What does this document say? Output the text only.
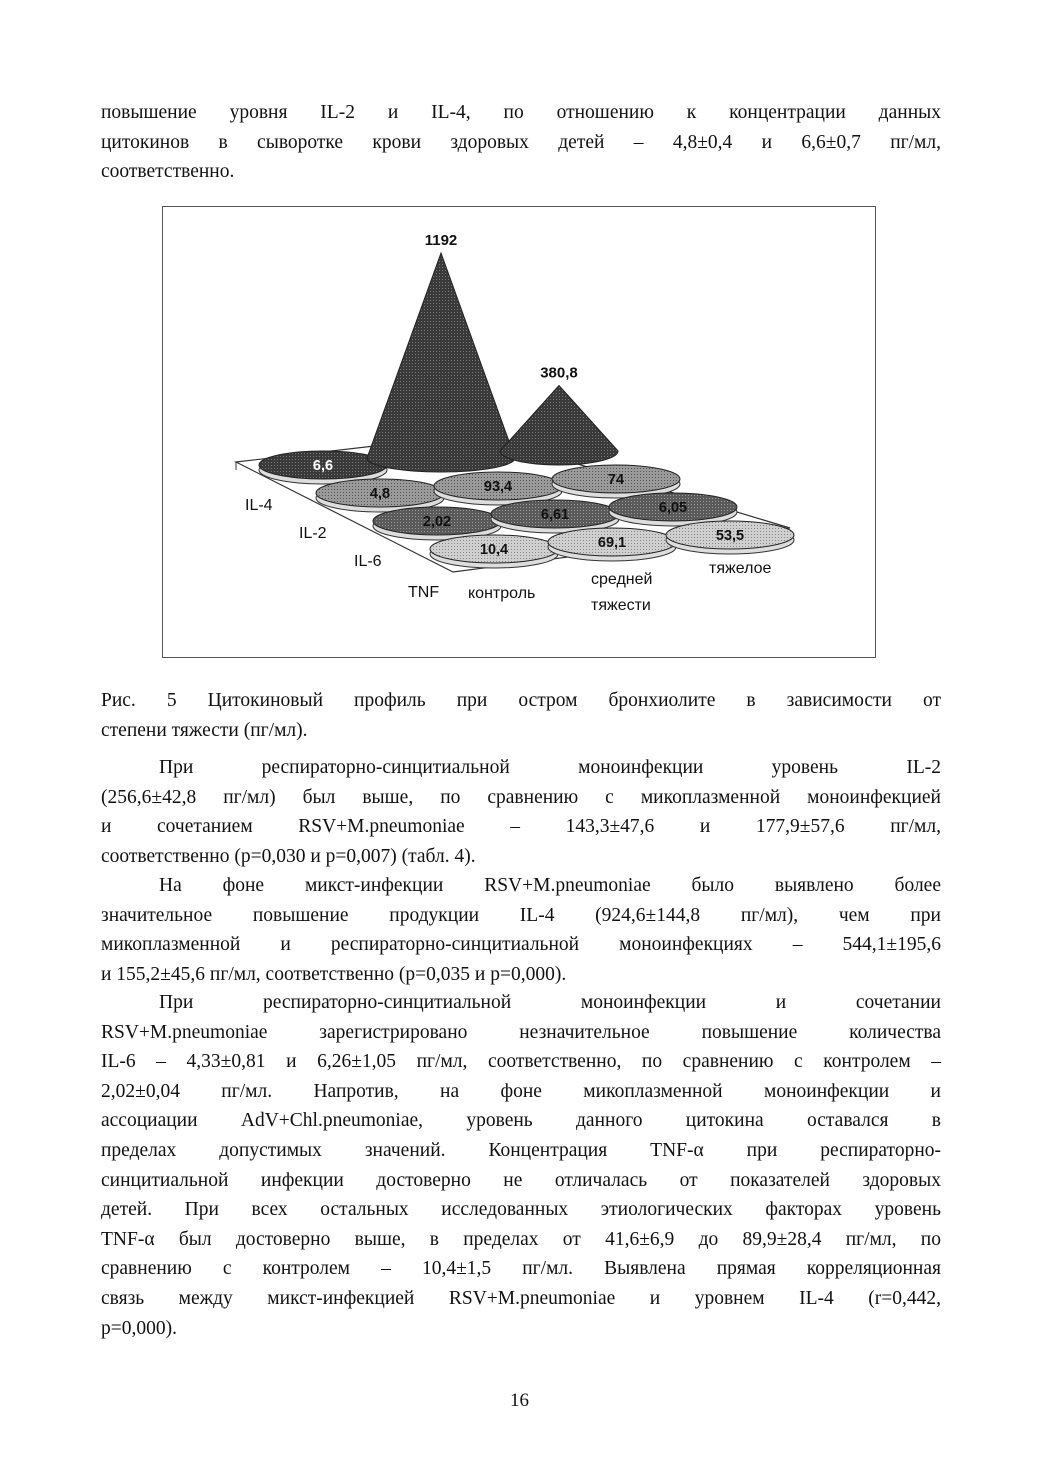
повышение уровня IL-2 и IL-4, по отношению к концентрации данных
цитокинов в сыворотке крови здоровых детей – 4,8±0,4 и 6,6±0,7 пг/мл,
соответственно.
6,6
1192
380,8
4,8	93,4	74
2,02	6,61	6,05
10,4	69,1	53,5
IL-4
IL-2
IL-6
TNF контроль
средней
тяжести
тяжелое
Рис. 5 Цитокиновый профиль при остром бронхиолите в зависимости от
степени тяжести (пг/мл).
При респираторно-синцитиальной моноинфекции уровень IL-2
(256,6±42,8 пг/мл) был выше, по сравнению с микоплазменной моноинфекцией
и сочетанием RSV+M.pneumoniae – 143,3±47,6 и 177,9±57,6 пг/мл,
соответственно (р=0,030 и р=0,007) (табл. 4).
На фоне микст-инфекции RSV+M.pneumoniae было выявлено более
значительное повышение продукции IL-4 (924,6±144,8 пг/мл), чем при
микоплазменной и респираторно-синцитиальной моноинфекциях – 544,1±195,6
и 155,2±45,6 пг/мл, соответственно (р=0,035 и р=0,000).
При респираторно-синцитиальной моноинфекции и сочетании
RSV+M.pneumoniae зарегистрировано незначительное повышение количества
IL-6 – 4,33±0,81 и 6,26±1,05 пг/мл, соответственно, по сравнению с контролем –
2,02±0,04 пг/мл. Напротив, на фоне микоплазменной моноинфекции и
ассоциации AdV+Chl.pneumoniae, уровень данного цитокина оставался в
пределах допустимых значений. Концентрация TNF-α при респираторно-
синцитиальной инфекции достоверно не отличалась от показателей здоровых
детей. При всех остальных исследованных этиологических факторах уровень
TNF-α был достоверно выше, в пределах от 41,6±6,9 до 89,9±28,4 пг/мл, по
сравнению с контролем – 10,4±1,5 пг/мл. Выявлена прямая корреляционная
связь между микст-инфекцией RSV+M.pneumoniae и уровнем IL-4 (r=0,442,
р=0,000).
16
